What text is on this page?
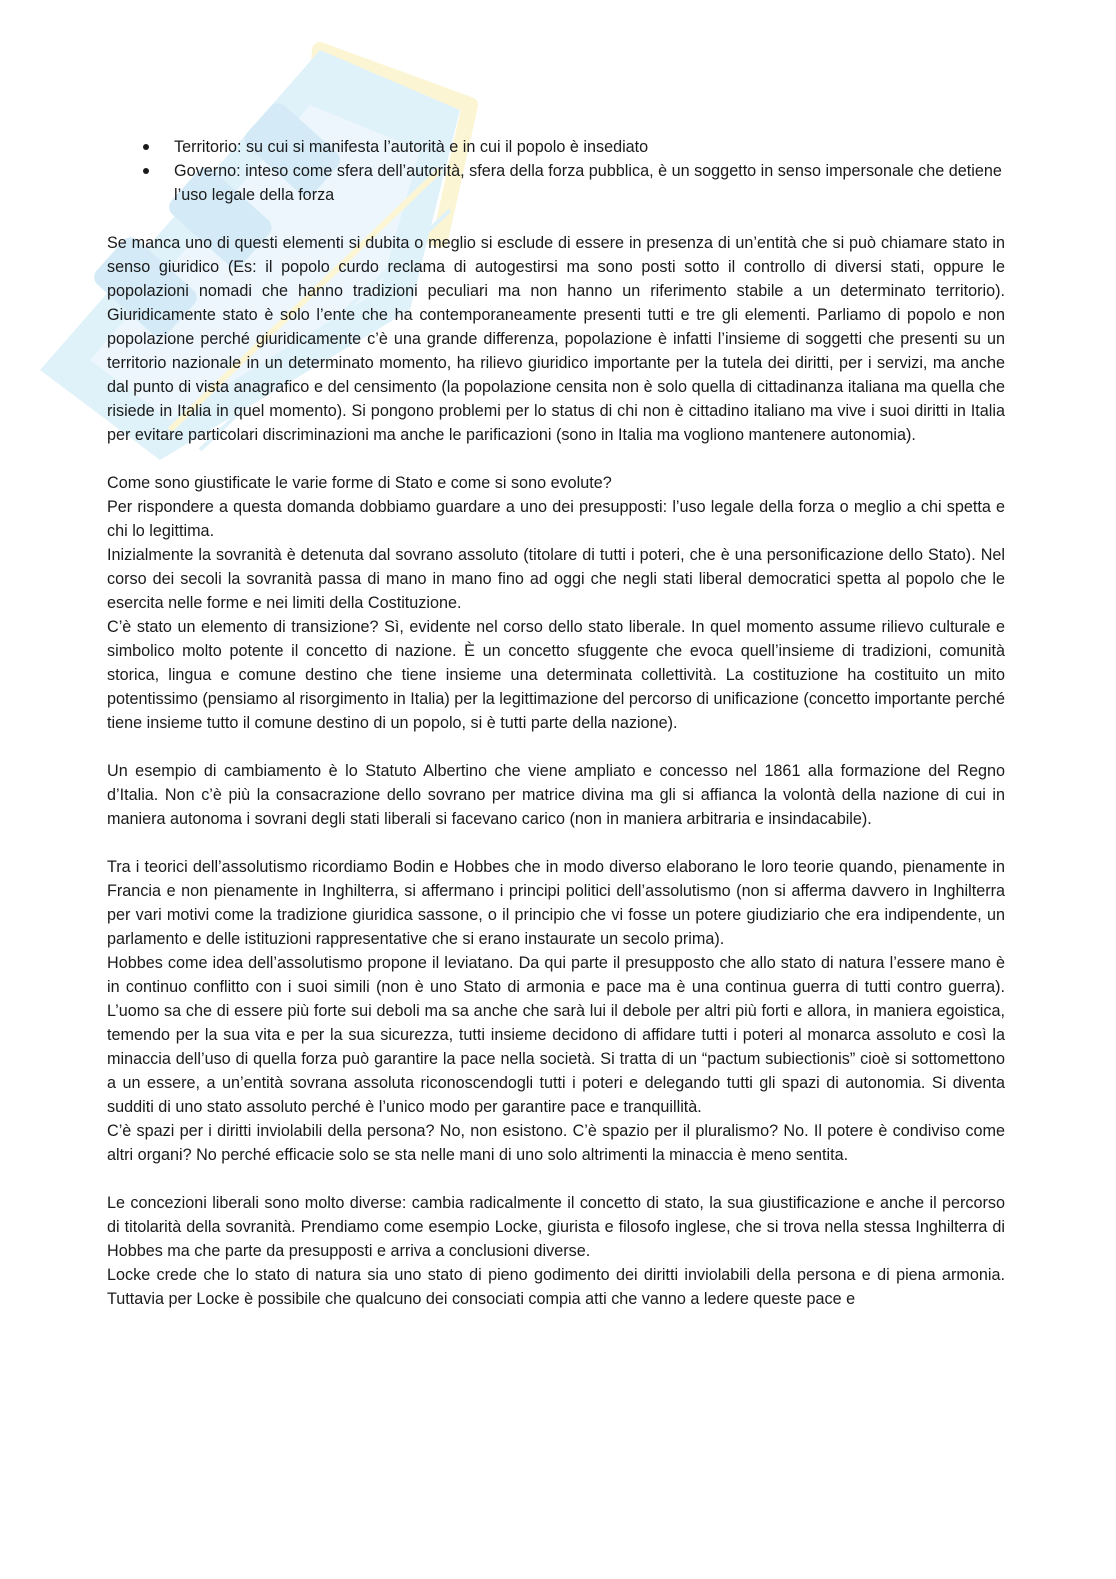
Territorio: su cui si manifesta l’autorità e in cui il popolo è insediato
Governo: inteso come sfera dell’autorità, sfera della forza pubblica, è un soggetto in senso impersonale che detiene l’uso legale della forza

Se manca uno di questi elementi si dubita o meglio si esclude di essere in presenza di un’entità che si può chiamare stato in senso giuridico (Es: il popolo curdo reclama di autogestirsi ma sono posti sotto il controllo di diversi stati, oppure le popolazioni nomadi che hanno tradizioni peculiari ma non hanno un riferimento stabile a un determinato territorio). Giuridicamente stato è solo l’ente che ha contemporaneamente presenti tutti e tre gli elementi. Parliamo di popolo e non popolazione perché giuridicamente c’è una grande differenza, popolazione è infatti l’insieme di soggetti che presenti su un territorio nazionale in un determinato momento, ha rilievo giuridico importante per la tutela dei diritti, per i servizi, ma anche dal punto di vista anagrafico e del censimento (la popolazione censita non è solo quella di cittadinanza italiana ma quella che risiede in Italia in quel momento). Si pongono problemi per lo status di chi non è cittadino italiano ma vive i suoi diritti in Italia per evitare particolari discriminazioni ma anche le parificazioni (sono in Italia ma vogliono mantenere autonomia).

Come sono giustificate le varie forme di Stato e come si sono evolute?

Per rispondere a questa domanda dobbiamo guardare a uno dei presupposti: l’uso legale della forza o meglio a chi spetta e chi lo legittima.

Inizialmente la sovranità è detenuta dal sovrano assoluto (titolare di tutti i poteri, che è una personificazione dello Stato). Nel corso dei secoli la sovranità passa di mano in mano fino ad oggi che negli stati liberal democratici spetta al popolo che le esercita nelle forme e nei limiti della Costituzione.

C’è stato un elemento di transizione? Sì, evidente nel corso dello stato liberale. In quel momento assume rilievo culturale e simbolico molto potente il concetto di nazione. È un concetto sfuggente che evoca quell’insieme di tradizioni, comunità storica, lingua e comune destino che tiene insieme una determinata collettività. La costituzione ha costituito un mito potentissimo (pensiamo al risorgimento in Italia) per la legittimazione del percorso di unificazione (concetto importante perché tiene insieme tutto il comune destino di un popolo, si è tutti parte della nazione).

Un esempio di cambiamento è lo Statuto Albertino che viene ampliato e concesso nel 1861 alla formazione del Regno d’Italia. Non c’è più la consacrazione dello sovrano per matrice divina ma gli si affianca la volontà della nazione di cui in maniera autonoma i sovrani degli stati liberali si facevano carico (non in maniera arbitraria e insindacabile).

Tra i teorici dell’assolutismo ricordiamo Bodin e Hobbes che in modo diverso elaborano le loro teorie quando, pienamente in Francia e non pienamente in Inghilterra, si affermano i principi politici dell’assolutismo (non si afferma davvero in Inghilterra per vari motivi come la tradizione giuridica sassone, o il principio che vi fosse un potere giudiziario che era indipendente, un parlamento e delle istituzioni rappresentative che si erano instaurate un secolo prima).

Hobbes come idea dell’assolutismo propone il leviatano. Da qui parte il presupposto che allo stato di natura l’essere mano è in continuo conflitto con i suoi simili (non è uno Stato di armonia e pace ma è una continua guerra di tutti contro guerra). L’uomo sa che di essere più forte sui deboli ma sa anche che sarà lui il debole per altri più forti e allora, in maniera egoistica, temendo per la sua vita e per la sua sicurezza, tutti insieme decidono di affidare tutti i poteri al monarca assoluto e così la minaccia dell’uso di quella forza può garantire la pace nella società. Si tratta di un “pactum subiectionis” cioè si sottomettono a un essere, a un’entità sovrana assoluta riconoscendogli tutti i poteri e delegando tutti gli spazi di autonomia. Si diventa sudditi di uno stato assoluto perché è l’unico modo per garantire pace e tranquillità.

C’è spazi per i diritti inviolabili della persona? No, non esistono. C’è spazio per il pluralismo? No. Il potere è condiviso come altri organi? No perché efficacie solo se sta nelle mani di uno solo altrimenti la minaccia è meno sentita.

Le concezioni liberali sono molto diverse: cambia radicalmente il concetto di stato, la sua giustificazione e anche il percorso di titolarità della sovranità. Prendiamo come esempio Locke, giurista e filosofo inglese, che si trova nella stessa Inghilterra di Hobbes ma che parte da presupposti e arriva a conclusioni diverse.

Locke crede che lo stato di natura sia uno stato di pieno godimento dei diritti inviolabili della persona e di piena armonia. Tuttavia per Locke è possibile che qualcuno dei consociati compia atti che vanno a ledere queste pace e
